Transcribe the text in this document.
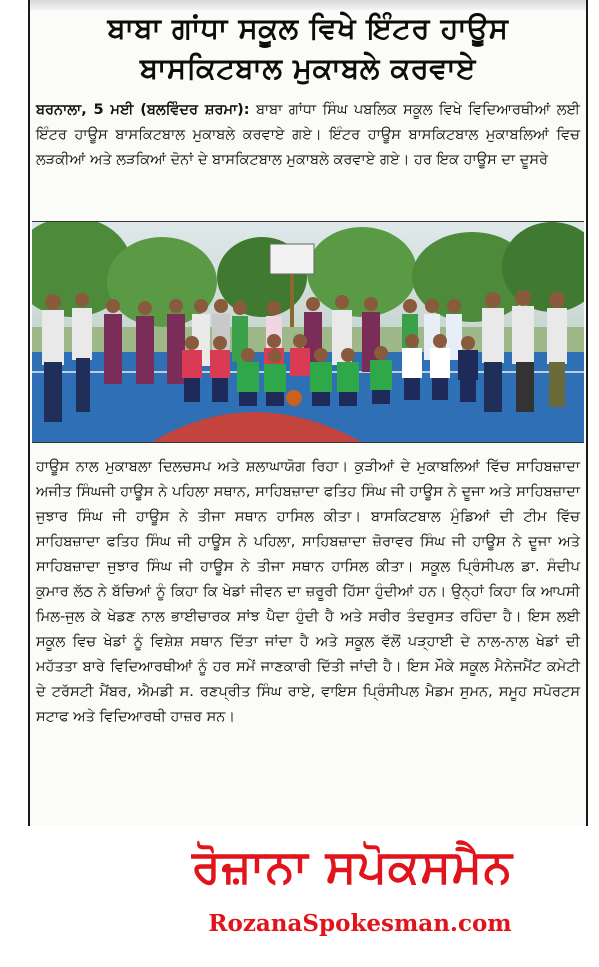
ਬਾਬਾ ਗਾਂਧਾ ਸਕੂਲ ਵਿਖੇ ਇੰਟਰ ਹਾਊਸ
ਬਾਸਕਿਟਬਾਲ ਮੁਕਾਬਲੇ ਕਰਵਾਏ
ਬਰਨਾਲਾ, 5 ਮਈ (ਬਲਵਿੰਦਰ ਸ਼ਰਮਾ): ਬਾਬਾ ਗਾਂਧਾ ਸਿੰਘ ਪਬਲਿਕ ਸਕੂਲ ਵਿਖੇ ਵਿਦਿਆਰਥੀਆਂ ਲਈ ਇੰਟਰ ਹਾਊਸ ਬਾਸਕਿਟਬਾਲ ਮੁਕਾਬਲੇ ਕਰਵਾਏ ਗਏ। ਇੰਟਰ ਹਾਊਸ ਬਾਸਕਿਟਬਾਲ ਮੁਕਾਬਲਿਆਂ ਵਿਚ ਲੜਕੀਆਂ ਅਤੇ ਲੜਕਿਆਂ ਦੋਨਾਂ ਦੇ ਬਾਸਕਿਟਬਾਲ ਮੁਕਾਬਲੇ ਕਰਵਾਏ ਗਏ। ਹਰ ਇਕ ਹਾਊਸ ਦਾ ਦੂਸਰੇ

ਹਾਊਸ ਨਾਲ ਮੁਕਾਬਲਾ ਦਿਲਚਸਪ ਅਤੇ ਸ਼ਲਾਘਾਯੋਗ ਰਿਹਾ। ਕੁੜੀਆਂ ਦੇ ਮੁਕਾਬਲਿਆਂ ਵਿੱਚ ਸਾਹਿਬਜ਼ਾਦਾ ਅਜੀਤ ਸਿੰਘਜੀ ਹਾਊਸ ਨੇ ਪਹਿਲਾ ਸਥਾਨ, ਸਾਹਿਬਜ਼ਾਦਾ ਫਤਿਹ ਸਿੰਘ ਜੀ ਹਾਊਸ ਨੇ ਦੂਜਾ ਅਤੇ ਸਾਹਿਬਜ਼ਾਦਾ ਜੁਝਾਰ ਸਿੰਘ ਜੀ ਹਾਊਸ ਨੇ ਤੀਜਾ ਸਥਾਨ ਹਾਸਿਲ ਕੀਤਾ। ਬਾਸਕਿਟਬਾਲ ਮੁੰਡਿਆਂ ਦੀ ਟੀਮ ਵਿੱਚ ਸਾਹਿਬਜ਼ਾਦਾ ਫਤਿਹ ਸਿੰਘ ਜੀ ਹਾਊਸ ਨੇ ਪਹਿਲਾ, ਸਾਹਿਬਜ਼ਾਦਾ ਜ਼ੋਰਾਵਰ ਸਿੰਘ ਜੀ ਹਾਊਸ ਨੇ ਦੂਜਾ ਅਤੇ ਸਾਹਿਬਜ਼ਾਦਾ ਜੁਝਾਰ ਸਿੰਘ ਜੀ ਹਾਊਸ ਨੇ ਤੀਜਾ ਸਥਾਨ ਹਾਸਿਲ ਕੀਤਾ। ਸਕੂਲ ਪ੍ਰਿੰਸੀਪਲ ਡਾ. ਸੰਦੀਪ ਕੁਮਾਰ ਲੱਠ ਨੇ ਬੱਚਿਆਂ ਨੂੰ ਕਿਹਾ ਕਿ ਖੇਡਾਂ ਜੀਵਨ ਦਾ ਜ਼ਰੂਰੀ ਹਿੱਸਾ ਹੁੰਦੀਆਂ ਹਨ। ਉਨ੍ਹਾਂ ਕਿਹਾ ਕਿ ਆਪਸੀ ਮਿਲ-ਜੁਲ ਕੇ ਖੇਡਣ ਨਾਲ ਭਾਈਚਾਰਕ ਸਾਂਝ ਪੈਦਾ ਹੁੰਦੀ ਹੈ ਅਤੇ ਸਰੀਰ ਤੰਦਰੁਸਤ ਰਹਿੰਦਾ ਹੈ। ਇਸ ਲਈ ਸਕੂਲ ਵਿਚ ਖੇਡਾਂ ਨੂੰ ਵਿਸ਼ੇਸ਼ ਸਥਾਨ ਦਿੱਤਾ ਜਾਂਦਾ ਹੈ ਅਤੇ ਸਕੂਲ ਵੱਲੋਂ ਪੜ੍ਹਾਈ ਦੇ ਨਾਲ-ਨਾਲ ਖੇਡਾਂ ਦੀ ਮਹੱਤਤਾ ਬਾਰੇ ਵਿਦਿਆਰਥੀਆਂ ਨੂੰ ਹਰ ਸਮੇਂ ਜਾਣਕਾਰੀ ਦਿੱਤੀ ਜਾਂਦੀ ਹੈ। ਇਸ ਮੌਕੇ ਸਕੂਲ ਮੈਨੇਜਮੈਂਟ ਕਮੇਟੀ ਦੇ ਟਰੱਸਟੀ ਮੈਂਬਰ, ਐਮਡੀ ਸ. ਰਣਪ੍ਰੀਤ ਸਿੰਘ ਰਾਏ, ਵਾਇਸ ਪ੍ਰਿੰਸੀਪਲ ਮੈਡਮ ਸੁਮਨ, ਸਮੂਹ ਸਪੋਰਟਸ ਸਟਾਫ ਅਤੇ ਵਿਦਿਆਰਥੀ ਹਾਜ਼ਰ ਸਨ।

ਰੋਜ਼ਾਨਾ ਸਪੋਕਸਮੈਨ
RozanaSpokesman.com
